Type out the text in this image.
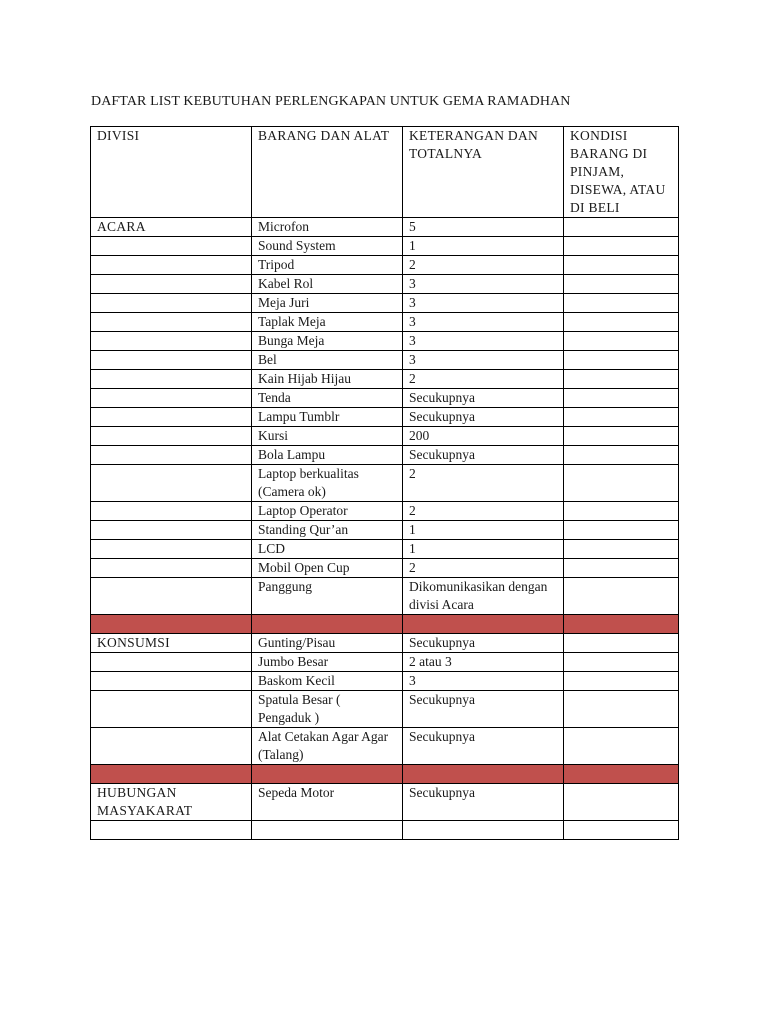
DAFTAR LIST KEBUTUHAN PERLENGKAPAN UNTUK GEMA RAMADHAN
DIVISI	BARANG DAN ALAT	KETERANGAN DAN TOTALNYA	KONDISI BARANG DI PINJAM, DISEWA, ATAU DI BELI
ACARA	Microfon	5	
	Sound System	1	
	Tripod	2	
	Kabel Rol	3	
	Meja Juri	3	
	Taplak Meja	3	
	Bunga Meja	3	
	Bel	3	
	Kain Hijab Hijau	2	
	Tenda	Secukupnya	
	Lampu Tumblr	Secukupnya	
	Kursi	200	
	Bola Lampu	Secukupnya	
	Laptop berkualitas (Camera ok)	2	
	Laptop Operator	2	
	Standing Qur’an	1	
	LCD	1	
	Mobil Open Cup	2	
	Panggung	Dikomunikasikan dengan divisi Acara	

KONSUMSI	Gunting/Pisau	Secukupnya	
	Jumbo Besar	2 atau 3	
	Baskom Kecil	3	
	Spatula Besar ( Pengaduk )	Secukupnya	
	Alat Cetakan Agar Agar (Talang)	Secukupnya	

HUBUNGAN MASYAKARAT	Sepeda Motor	Secukupnya	
